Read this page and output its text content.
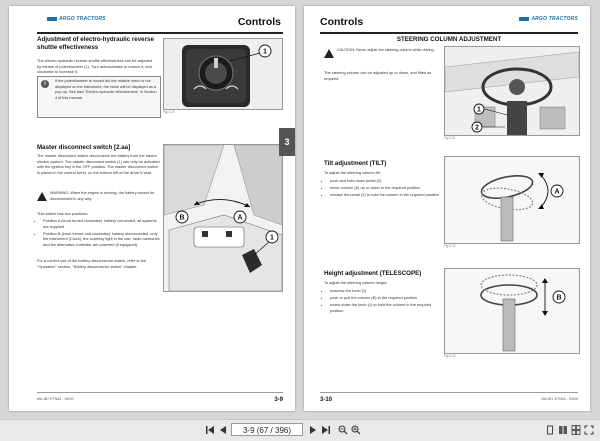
ARGO TRACTORS	Controls
Adjustment of electro-hydraulic reverse shuttle effectiveness
The electro-hydraulic reverse shuttle effectiveness can be adjusted by means of potentiometer (1). Turn anticlockwise to reduce it, and clockwise to increase it.
i	If the potentiometer is moved but the relative menu is not displayed on the instrument, the value will be displayed as a pop-up. See also "Electro-hydraulic effectiveness" in Section 4 of this manual.
1
Fig.3-10
Master disconnect switch [2.aa]
The master disconnect switch disconnects the battery from the tractor electric system. The master disconnect switch (1) can only be activated with the ignition key in the OFF position. The master disconnect switch is placed in the control turret, on the bottom left of the driver's seat.
WARNING: When the engine is running, the battery cannot be disconnected in any way.
This switch has two positions:
• Position A (knob turned clockwise): battery connected, all systems are supplied.
• Position B (knob turned anti-clockwise): battery disconnected, only the instrument (Clock), the courtesy light in the cab, radio memories and the telematics controller are powered (if equipped).
For a correct use of the battery disconnector switch, refer to the "Operation" section, "Battery disconnector switch" chapter.
B	A
1
MA-IB7-ETN42 - 04/20	3-9
3
Controls	ARGO TRACTORS
STEERING COLUMN ADJUSTMENT
CAUTION: Never adjust the steering column while driving.
The steering column can be adjusted up or down, and tilted as required.
1
2
Fig.3-11
Tilt adjustment (TILT)
To adjust the steering column tilt:
• push and hold down pedal (2)
• move column (A) up or down to the required position
• release the pedal (2) to hold the column in the required position	A
Fig.3-12
Height adjustment (TELESCOPE)
To adjust the steering column height:
• unscrew the knob (1)
• push or pull the column (B) to the required position
• screw down the knob (1) to hold the column in the required position
B
Fig.3-13
3-10	MA-IB7-ETN42 - 04/20
3-9 (67 / 396)
